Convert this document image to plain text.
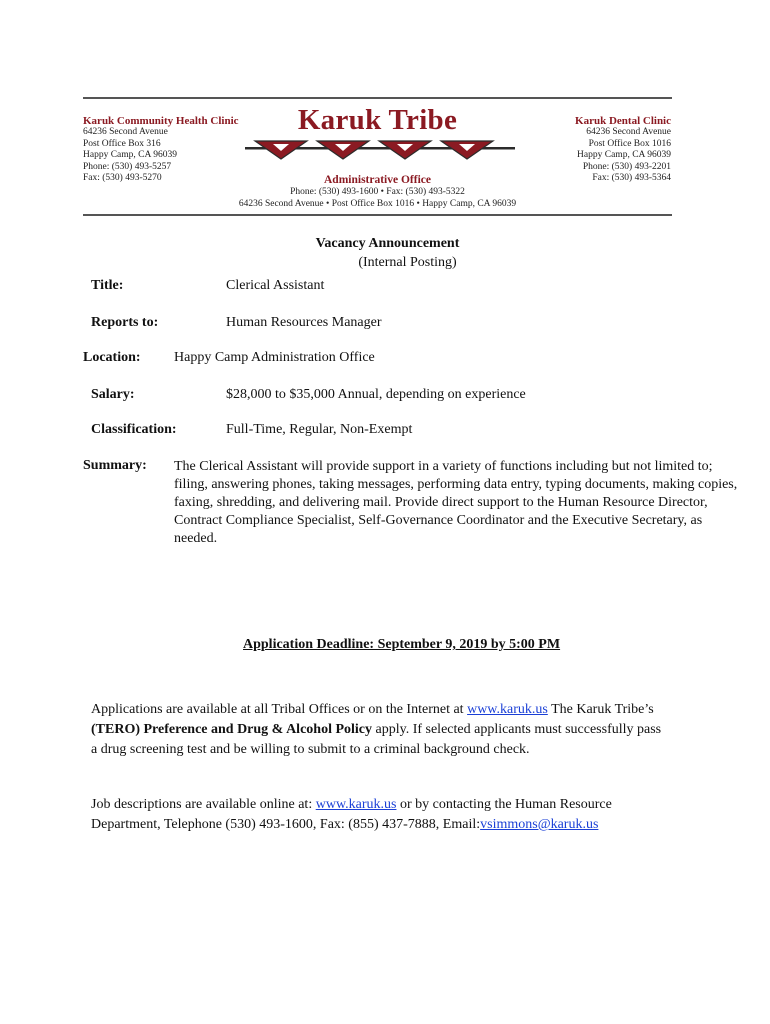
Karuk Community Health Clinic
64236 Second Avenue
Post Office Box 316
Happy Camp, CA 96039
Phone: (530) 493-5257
Fax: (530) 493-5270
Karuk Tribe
Administrative Office
Phone: (530) 493-1600 • Fax: (530) 493-5322
64236 Second Avenue • Post Office Box 1016 • Happy Camp, CA 96039
Karuk Dental Clinic
64236 Second Avenue
Post Office Box 1016
Happy Camp, CA 96039
Phone: (530) 493-2201
Fax: (530) 493-5364
Vacancy Announcement
(Internal Posting)
Title:	Clerical Assistant
Reports to:	Human Resources Manager
Location: Happy Camp Administration Office
Salary:	$28,000 to $35,000 Annual, depending on experience
Classification:	Full-Time, Regular, Non-Exempt
Summary: The Clerical Assistant will provide support in a variety of functions including but not limited to; filing, answering phones, taking messages, performing data entry, typing documents, making copies, faxing, shredding, and delivering mail. Provide direct support to the Human Resource Director, Contract Compliance Specialist, Self-Governance Coordinator and the Executive Secretary, as needed.
Application Deadline: September 9, 2019 by 5:00 PM
Applications are available at all Tribal Offices or on the Internet at www.karuk.us The Karuk Tribe’s (TERO) Preference and Drug & Alcohol Policy apply. If selected applicants must successfully pass a drug screening test and be willing to submit to a criminal background check.
Job descriptions are available online at: www.karuk.us or by contacting the Human Resource Department, Telephone (530) 493-1600, Fax: (855) 437-7888, Email:vsimmons@karuk.us
